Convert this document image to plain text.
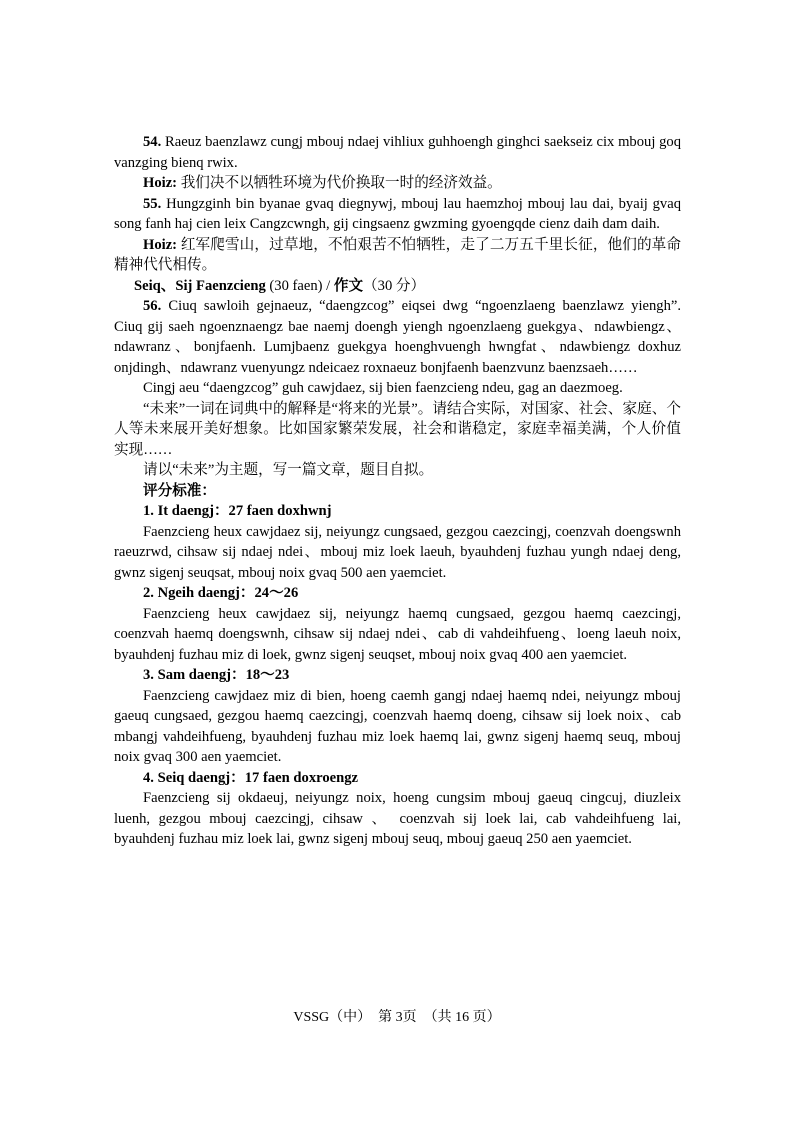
54. Raeuz baenzlawz cungj mbouj ndaej vihliux guhhoengh ginghci saekseiz cix mbouj goq vanzging bienq rwix.

Hoiz: 我们决不以牺牲环境为代价换取一时的经济效益。

55. Hungzginh bin byanae gvaq diegnywj, mbouj lau haemzhoj mbouj lau dai, byaij gvaq song fanh haj cien leix Cangzcwngh, gij cingsaenz gwzming gyoengqde cienz daih dam daih.

Hoiz: 红军爬雪山，过草地，不怕艰苦不怕牺牲，走了二万五千里长征，他们的革命精神代代相传。

Seiq、Sij Faenzcieng (30 faen) / 作文（30 分）

56. Ciuq sawloih gejnaeuz, “daengzcog” eiqsei dwg “ngoenzlaeng baenzlawz yiengh”. Ciuq gij saeh ngoenznaengz bae naemj doengh yiengh ngoenzlaeng guekgya、ndawbiengz、ndawranz、bonjfaenh. Lumjbaenz guekgya hoenghvuengh hwngfat、ndawbiengz doxhuz onjdingh、ndawranz vuenyungz ndeicaez roxnaeuz bonjfaenh baenzvunz baenzsaeh……

Cingj aeu “daengzcog” guh cawjdaez, sij bien faenzcieng ndeu, gag an daezmoeg.

“未来”一词在词典中的解释是“将来的光景”。请结合实际，对国家、社会、家庭、个人等未来展开美好想象。比如国家繁荣发展，社会和谐稳定，家庭幸福美满，个人价值实现……

请以“未来”为主题，写一篇文章，题目自拟。

评分标准：

1. It daengj：27 faen doxhwnj

Faenzcieng heux cawjdaez sij, neiyungz cungsaed, gezgou caezcingj, coenzvah doengswnh raeuzrwd, cihsaw sij ndaej ndei、mbouj miz loek laeuh, byauhdenj fuzhau yungh ndaej deng, gwnz sigenj seuqsat, mbouj noix gvaq 500 aen yaemciet.

2. Ngeih daengj：24～26

Faenzcieng heux cawjdaez sij, neiyungz haemq cungsaed, gezgou haemq caezcingj, coenzvah haemq doengswnh, cihsaw sij ndaej ndei、cab di vahdeihfueng、loeng laeuh noix, byauhdenj fuzhau miz di loek, gwnz sigenj seuqset, mbouj noix gvaq 400 aen yaemciet.

3. Sam daengj：18～23

Faenzcieng cawjdaez miz di bien, hoeng caemh gangj ndaej haemq ndei, neiyungz mbouj gaeuq cungsaed, gezgou haemq caezcingj, coenzvah haemq doeng, cihsaw sij loek noix、cab mbangj vahdeihfueng, byauhdenj fuzhau miz loek haemq lai, gwnz sigenj haemq seuq, mbouj noix gvaq 300 aen yaemciet.

4. Seiq daengj：17 faen doxroengz

Faenzcieng sij okdaeuj, neiyungz noix, hoeng cungsim mbouj gaeuq cingcuj, diuzleix luenh, gezgou mbouj caezcingj, cihsaw 、 coenzvah sij loek lai, cab vahdeihfueng lai, byauhdenj fuzhau miz loek lai, gwnz sigenj mbouj seuq, mbouj gaeuq 250 aen yaemciet.

VSSG（中）　第 3页　（共 16 页）
